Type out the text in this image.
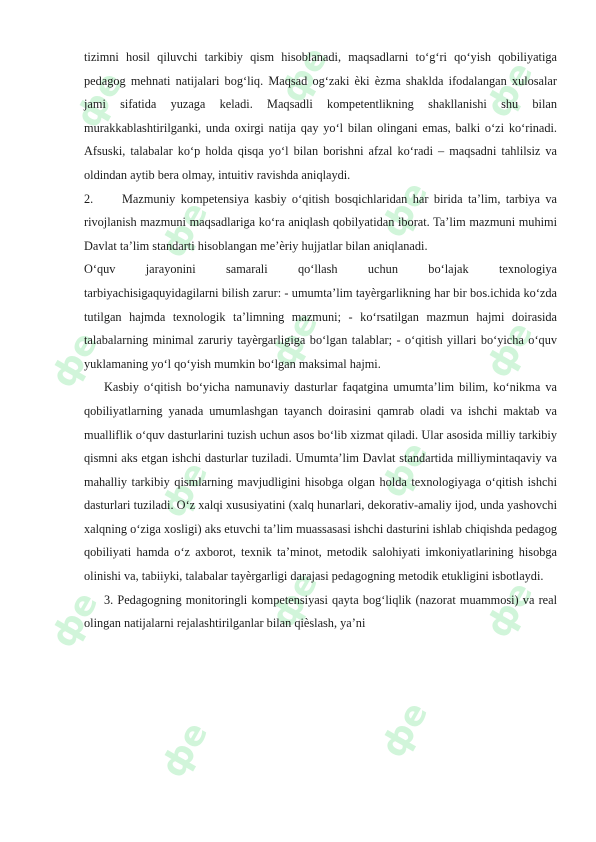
фе	фе	фе
фе	фе
фе	фе	фе
фе	фе
фе	фе	фе
фе	фе

tizimni hosil qiluvchi tarkibiy qism hisoblanadi, maqsadlarni to‘g‘ri qo‘yish qobiliyatiga pedagog mehnati natijalari bog‘liq. Maqsad og‘zaki ѐki ѐzma shaklda ifodalangan xulosalar jami sifatida yuzaga keladi. Maqsadli kompetentlikning shakllanishi shu bilan murakkablashtirilganki, unda oxirgi natija qay yo‘l bilan olingani emas, balki o‘zi ko‘rinadi. Afsuski, talabalar ko‘p holda qisqa yo‘l bilan borishni afzal ko‘radi – maqsadni tahlilsiz va oldindan aytib bera olmay, intuitiv ravishda aniqlaydi.

2. Mazmuniy kompetensiya kasbiy o‘qitish bosqichlaridan har birida ta’lim, tarbiya va rivojlanish mazmuni maqsadlariga ko‘ra aniqlash qobilyatidan iborat. Ta’lim mazmuni muhimi Davlat ta’lim standarti hisoblangan me’ѐriy hujjatlar bilan aniqlanadi.

O‘quv jarayonini samarali qo‘llash uchun bo‘lajak texnologiya

tarbiyachisigaquyidagilarni bilish zarur: - umumta’lim tayѐrgarlikning har bir bos.ichida ko‘zda tutilgan hajmda texnologik ta’limning mazmuni; - ko‘rsatilgan mazmun hajmi doirasida talabalarning minimal zaruriy tayѐrgarligiga bo‘lgan talablar; - o‘qitish yillari bo‘yicha o‘quv yuklamaning yo‘l qo‘yish mumkin bo‘lgan maksimal hajmi.

Kasbiy o‘qitish bo‘yicha namunaviy dasturlar faqatgina umumta’lim bilim, ko‘nikma va qobiliyatlarning yanada umumlashgan tayanch doirasini qamrab oladi va ishchi maktab va mualliflik o‘quv dasturlarini tuzish uchun asos bo‘lib xizmat qiladi. Ular asosida milliy tarkibiy qismni aks etgan ishchi dasturlar tuziladi. Umumta’lim Davlat standartida milliymintaqaviy va mahalliy tarkibiy qismlarning mavjudligini hisobga olgan holda texnologiyaga o‘qitish ishchi dasturlari tuziladi. O‘z xalqi xususiyatini (xalq hunarlari, dekorativ-amaliy ijod, unda yashovchi xalqning o‘ziga xosligi) aks etuvchi ta’lim muassasasi ishchi dasturini ishlab chiqishda pedagog qobiliyati hamda o‘z axborot, texnik ta’minot, metodik salohiyati imkoniyatlarining hisobga olinishi va, tabiiyki, talabalar tayѐrgarligi darajasi pedagogning metodik etukligini isbotlaydi.

3. Pedagogning monitoringli kompetensiyasi qayta bog‘liqlik (nazorat muammosi) va real olingan natijalarni rejalashtirilganlar bilan qiѐslash, ya’ni
